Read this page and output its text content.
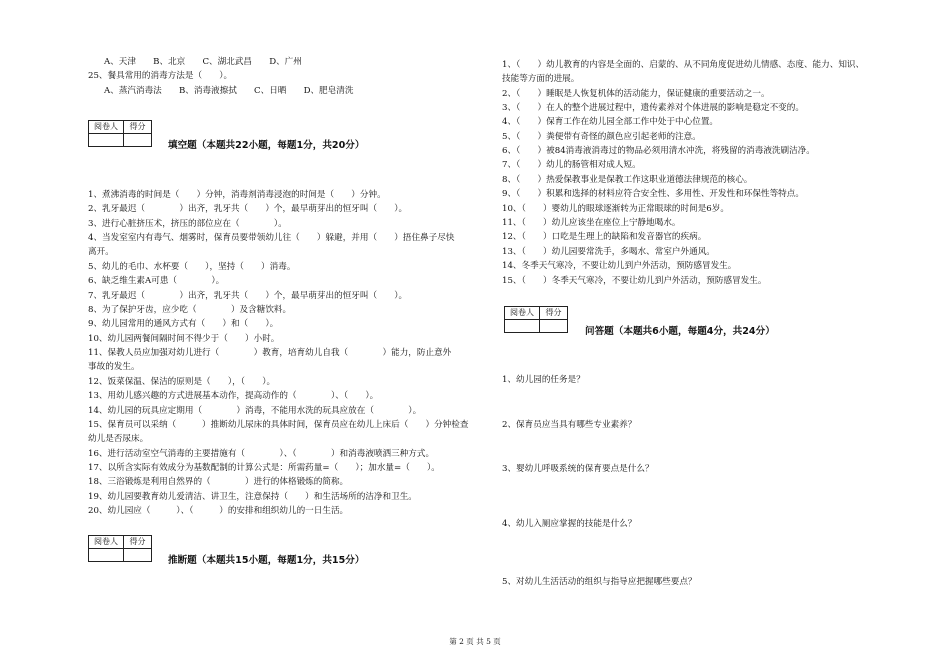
A、天津　　B、北京　　C、湖北武昌　　D、广州
25、餐具常用的消毒方法是（　　）。
A、蒸汽消毒法　　B、消毒液擦拭　　C、日晒　　D、肥皂清洗
阅卷人	得分
填空题（本题共22小题，每题1分，共20分）
1、煮沸消毒的时间是（　　）分钟，消毒剂消毒浸泡的时间是（　　）分钟。
2、乳牙最迟（　　　　）出齐，乳牙共（　　）个，最早萌芽出的恒牙叫（　　）。
3、进行心脏挤压术，挤压的部位应在（　　　　）。
4、当发室室内有毒气、烟雾时，保育员要带领幼儿往（　　）躲避，并用（　　）捂住鼻子尽快
离开。
5、幼儿的毛巾、水杯要（　　），坚持（　　）消毒。
6、缺乏维生素A可患（　　　　）。
7、乳牙最迟（　　　　）出齐，乳牙共（　　）个，最早萌芽出的恒牙叫（　　）。
8、为了保护牙齿，应少吃（　　　　）及含糖饮料。
9、幼儿园常用的通风方式有（　　）和（　　）。
10、幼儿园两餐间隔时间不得少于（　　）小时。
11、保教人员应加强对幼儿进行（　　　　）教育，培育幼儿自我（　　　　）能力，防止意外
事故的发生。
12、饭菜保温、保洁的原则是（　　），（　　）。
13、用幼儿感兴趣的方式进展基本动作，提高动作的（　　　　）、（　　）。
14、幼儿园的玩具应定期用（　　　　）消毒，不能用水洗的玩具应放在（　　　　）。
15、保育员可以采纳（　　　）推断幼儿尿床的具体时间，保育员应在幼儿上床后（　　）分钟检查
幼儿是否尿床。
16、进行活动室空气消毒的主要措施有（　　　　）、（　　　　）和消毒液喷洒三种方式。
17、以所含实际有效成分为基数配制的计算公式是：所需药量=（　　）；加水量=（　　）。
18、三浴锻炼是利用自然界的（　　　　）进行的体格锻炼的简称。
19、幼儿园要教育幼儿爱清洁、讲卫生，注意保持（　　）和生活场所的洁净和卫生。
20、幼儿园应（　　　）、（　　　）的安排和组织幼儿的一日生活。
阅卷人	得分
推断题（本题共15小题，每题1分，共15分）
1、（　　）幼儿教育的内容是全面的、启蒙的、从不同角度促进幼儿情感、态度、能力、知识、
技能等方面的进展。
2、（　　）睡眠是人恢复机体的活动能力，保证健康的重要活动之一。
3、（　　）在人的整个进展过程中，遗传素养对个体进展的影响是稳定不变的。
4、（　　）保育工作在幼儿园全部工作中处于中心位置。
5、（　　）粪便带有奇怪的颜色应引起老师的注意。
6、（　　）被84消毒液消毒过的物品必须用清水冲洗，将残留的消毒液洗刷洁净。
7、（　　）幼儿的肠管相对成人短。
8、（　　）热爱保教事业是保教工作这职业道德法律规范的核心。
9、（　　）积累和选择的材料应符合安全性、多用性、开发性和环保性等特点。
10、（　　）婴幼儿的眼球逐渐转为正常眼球的时间是6岁。
11、（　　）幼儿应该坐在座位上宁静地喝水。
12、（　　）口吃是生理上的缺陷和发音器官的疾病。
13、（　　）幼儿园要常洗手，多喝水、常室户外通风。
14、冬季天气寒冷，不要让幼儿到户外活动，预防感冒发生。
15、（　　）冬季天气寒冷，不要让幼儿到户外活动，预防感冒发生。
阅卷人	得分
问答题（本题共6小题，每题4分，共24分）
1、幼儿园的任务是？
2、保育员应当具有哪些专业素养？
3、婴幼儿呼吸系统的保育要点是什么？
4、幼儿入厕应掌握的技能是什么？
5、对幼儿生活活动的组织与指导应把握哪些要点？
第 2 页 共 5 页
